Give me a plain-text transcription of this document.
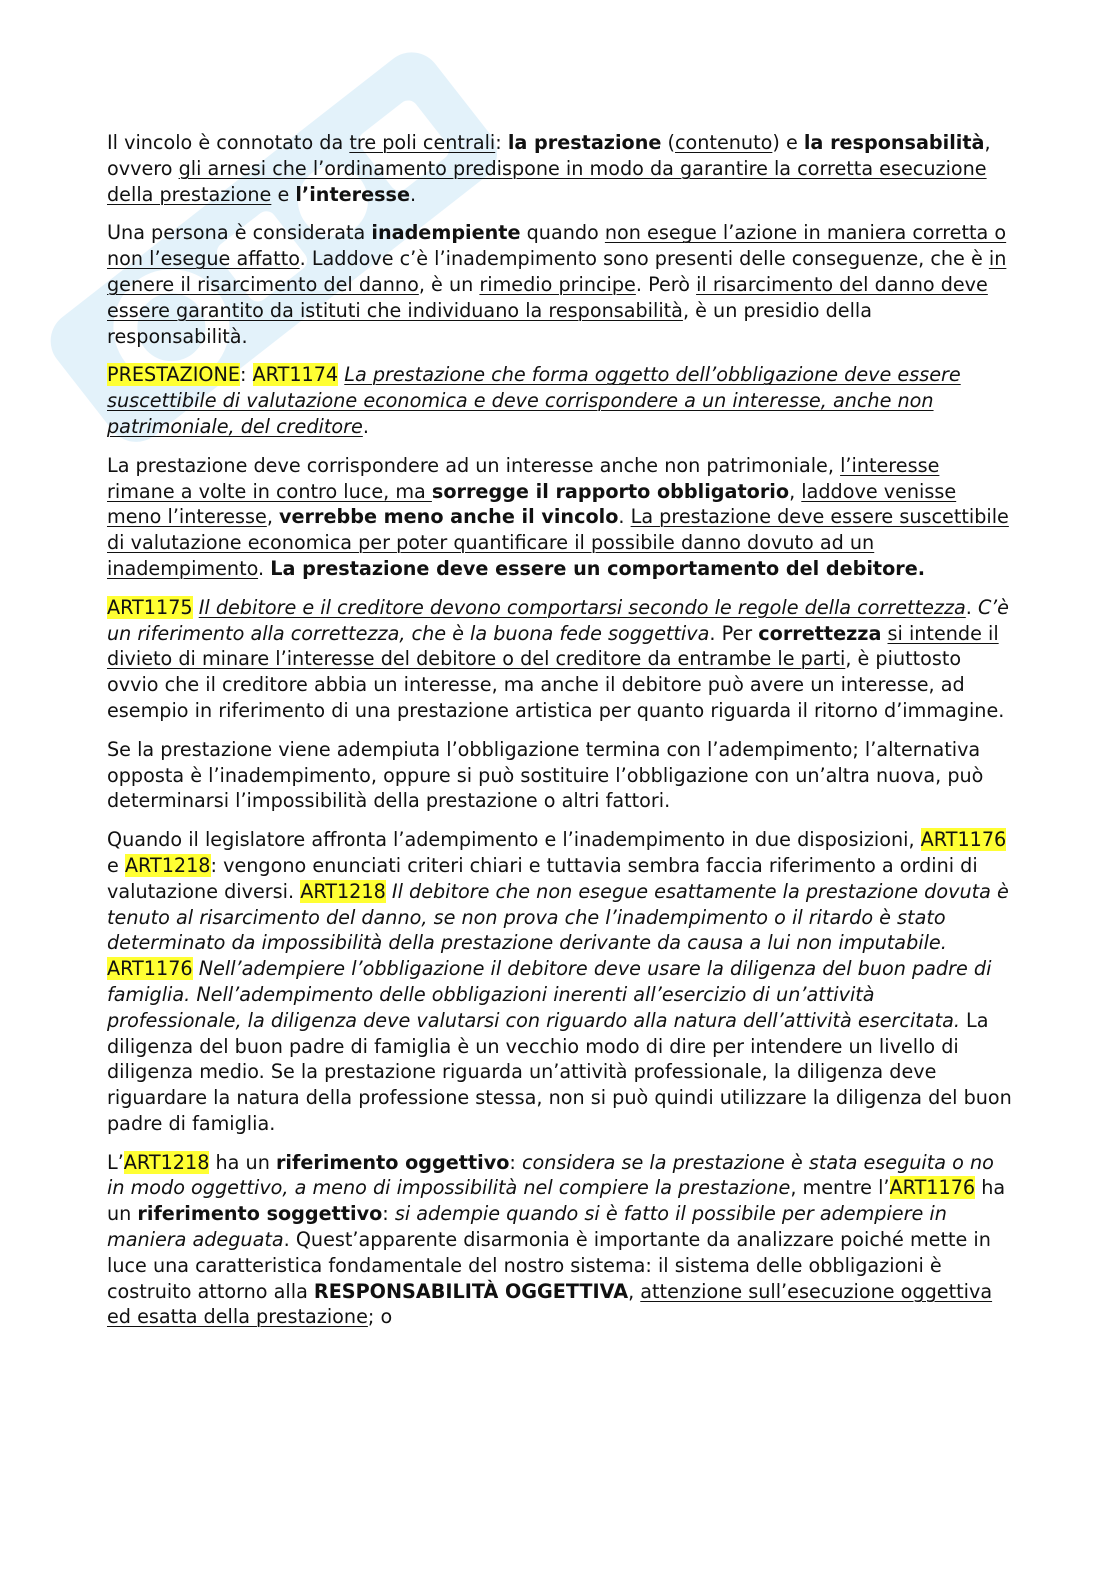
Il vincolo è connotato da tre poli centrali: la prestazione (contenuto) e la responsabilità, ovvero gli arnesi che l’ordinamento predispone in modo da garantire la corretta esecuzione della prestazione e l’interesse.

Una persona è considerata inadempiente quando non esegue l’azione in maniera corretta o non l’esegue affatto. Laddove c’è l’inadempimento sono presenti delle conseguenze, che è in genere il risarcimento del danno, è un rimedio principe. Però il risarcimento del danno deve essere garantito da istituti che individuano la responsabilità, è un presidio della responsabilità.

PRESTAZIONE: ART1174 La prestazione che forma oggetto dell’obbligazione deve essere suscettibile di valutazione economica e deve corrispondere a un interesse, anche non patrimoniale, del creditore.

La prestazione deve corrispondere ad un interesse anche non patrimoniale, l’interesse rimane a volte in contro luce, ma sorregge il rapporto obbligatorio, laddove venisse meno l’interesse, verrebbe meno anche il vincolo. La prestazione deve essere suscettibile di valutazione economica per poter quantificare il possibile danno dovuto ad un inadempimento. La prestazione deve essere un comportamento del debitore.

ART1175 Il debitore e il creditore devono comportarsi secondo le regole della correttezza. C’è un riferimento alla correttezza, che è la buona fede soggettiva. Per correttezza si intende il divieto di minare l’interesse del debitore o del creditore da entrambe le parti, è piuttosto ovvio che il creditore abbia un interesse, ma anche il debitore può avere un interesse, ad esempio in riferimento di una prestazione artistica per quanto riguarda il ritorno d’immagine.

Se la prestazione viene adempiuta l’obbligazione termina con l’adempimento; l’alternativa opposta è l’inadempimento, oppure si può sostituire l’obbligazione con un’altra nuova, può determinarsi l’impossibilità della prestazione o altri fattori.

Quando il legislatore affronta l’adempimento e l’inadempimento in due disposizioni, ART1176 e ART1218: vengono enunciati criteri chiari e tuttavia sembra faccia riferimento a ordini di valutazione diversi. ART1218 Il debitore che non esegue esattamente la prestazione dovuta è tenuto al risarcimento del danno, se non prova che l’inadempimento o il ritardo è stato determinato da impossibilità della prestazione derivante da causa a lui non imputabile. ART1176 Nell’adempiere l’obbligazione il debitore deve usare la diligenza del buon padre di famiglia. Nell’adempimento delle obbligazioni inerenti all’esercizio di un’attività professionale, la diligenza deve valutarsi con riguardo alla natura dell’attività esercitata. La diligenza del buon padre di famiglia è un vecchio modo di dire per intendere un livello di diligenza medio. Se la prestazione riguarda un’attività professionale, la diligenza deve riguardare la natura della professione stessa, non si può quindi utilizzare la diligenza del buon padre di famiglia.

L’ART1218 ha un riferimento oggettivo: considera se la prestazione è stata eseguita o no in modo oggettivo, a meno di impossibilità nel compiere la prestazione, mentre l’ART1176 ha un riferimento soggettivo: si adempie quando si è fatto il possibile per adempiere in maniera adeguata. Quest’apparente disarmonia è importante da analizzare poiché mette in luce una caratteristica fondamentale del nostro sistema: il sistema delle obbligazioni è costruito attorno alla RESPONSABILITÀ OGGETTIVA, attenzione sull’esecuzione oggettiva ed esatta della prestazione; o
